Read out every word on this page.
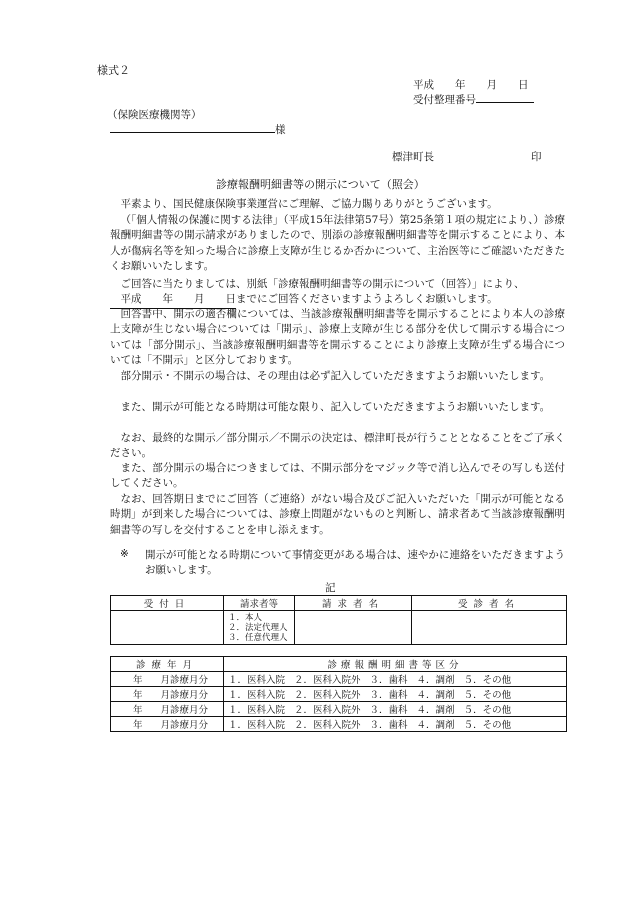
様式２
平成　　年　　月　　日
受付整理番号
（保険医療機関等）
様
標津町長	印
診療報酬明細書等の開示について（照会）
平素より、国民健康保険事業運営にご理解、ご協力賜りありがとうございます。
（「個人情報の保護に関する法律」（平成15年法律第57号）第25条第１項の規定により、）診療報酬明細書等の開示請求がありましたので、別添の診療報酬明細書等を開示することにより、本人が傷病名等を知った場合に診療上支障が生じるか否かについて、主治医等にご確認いただきたくお願いいたします。
ご回答に当たりましては、別紙「診療報酬明細書等の開示について（回答）」により、
平成　　年　　月　　日までにご回答くださいますようよろしくお願いします。
回答書中、開示の適否欄については、当該診療報酬明細書等を開示することにより本人の診療上支障が生じない場合については「開示」、診療上支障が生じる部分を伏して開示する場合については「部分開示」、当該診療報酬明細書等を開示することにより診療上支障が生ずる場合については「不開示」と区分しております。
部分開示・不開示の場合は、その理由は必ず記入していただきますようお願いいたします。
また、開示が可能となる時期は可能な限り、記入していただきますようお願いいたします。
なお、最終的な開示／部分開示／不開示の決定は、標津町長が行うこととなることをご了承ください。
また、部分開示の場合につきましては、不開示部分をマジック等で消し込んでその写しも送付してください。
なお、回答期日までにご回答（ご連絡）がない場合及びご記入いただいた「開示が可能となる時期」が到来した場合については、診療上問題がないものと判断し、請求者あて当該診療報酬明細書等の写しを交付することを申し添えます。
※ 開示が可能となる時期について事情変更がある場合は、速やかに連絡をいただきますようお願いします。
記
受付日	請求者等	請求者名	受診者名

	１．本人
２．法定代理人
３．任意代理人		

診療年月	診療報酬明細書等区分
年 月診療月分	１．医科入院 ２．医科入院外 ３．歯科 ４．調剤 ５．その他
年 月診療月分	１．医科入院 ２．医科入院外 ３．歯科 ４．調剤 ５．その他
年 月診療月分	１．医科入院 ２．医科入院外 ３．歯科 ４．調剤 ５．その他
年 月診療月分	１．医科入院 ２．医科入院外 ３．歯科 ４．調剤 ５．その他
